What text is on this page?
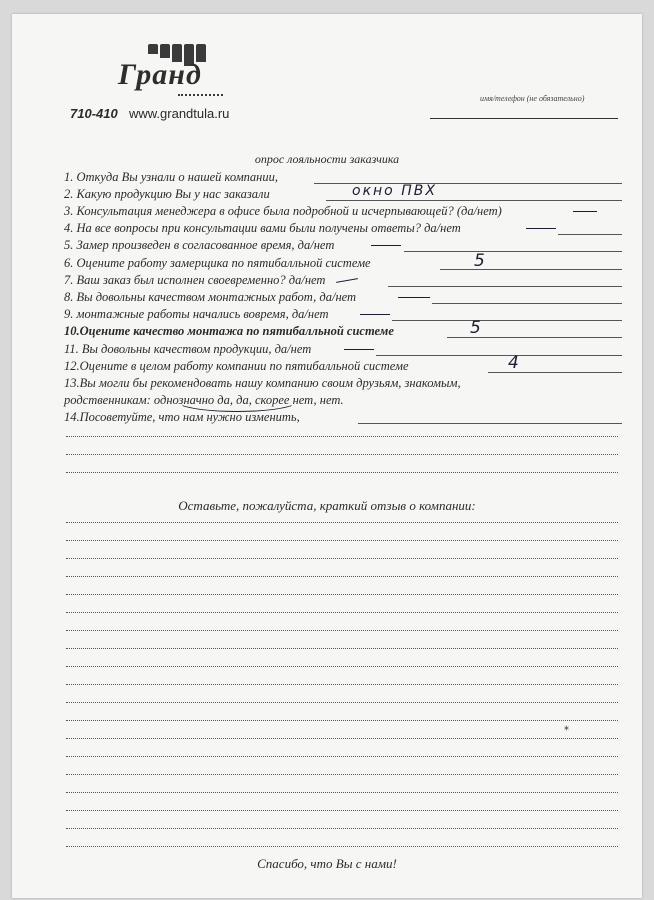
Гранд
710-410 www.grandtula.ru
имя/телефон (не обязательно)
опрос лояльности заказчика
1. Откуда Вы узнали о нашей компании,
2. Какую продукцию Вы у нас заказали	окно ПВХ
3. Консультация менеджера в офисе была подробной и исчерпывающей? (да/нет)
4. На все вопросы при консультации вами были получены ответы? да/нет
5. Замер произведен в согласованное время, да/нет
6. Оцените работу замерщика по пятибалльной системе	5
7. Ваш заказ был исполнен своевременно? да/нет
8. Вы довольны качеством монтажных работ, да/нет
9. монтажные работы начались вовремя, да/нет
10.Оцените качество монтажа по пятибалльной системе	5
11. Вы довольны качеством продукции, да/нет
12.Оцените в целом работу компании по пятибалльной системе	4
13.Вы могли бы рекомендовать нашу компанию своим друзьям, знакомым,
родственникам: однозначно да, да, скорее нет, нет.
14.Посоветуйте, что нам нужно изменить,
Оставьте, пожалуйста, краткий отзыв о компании:
⁎
Спасибо, что Вы с нами!
